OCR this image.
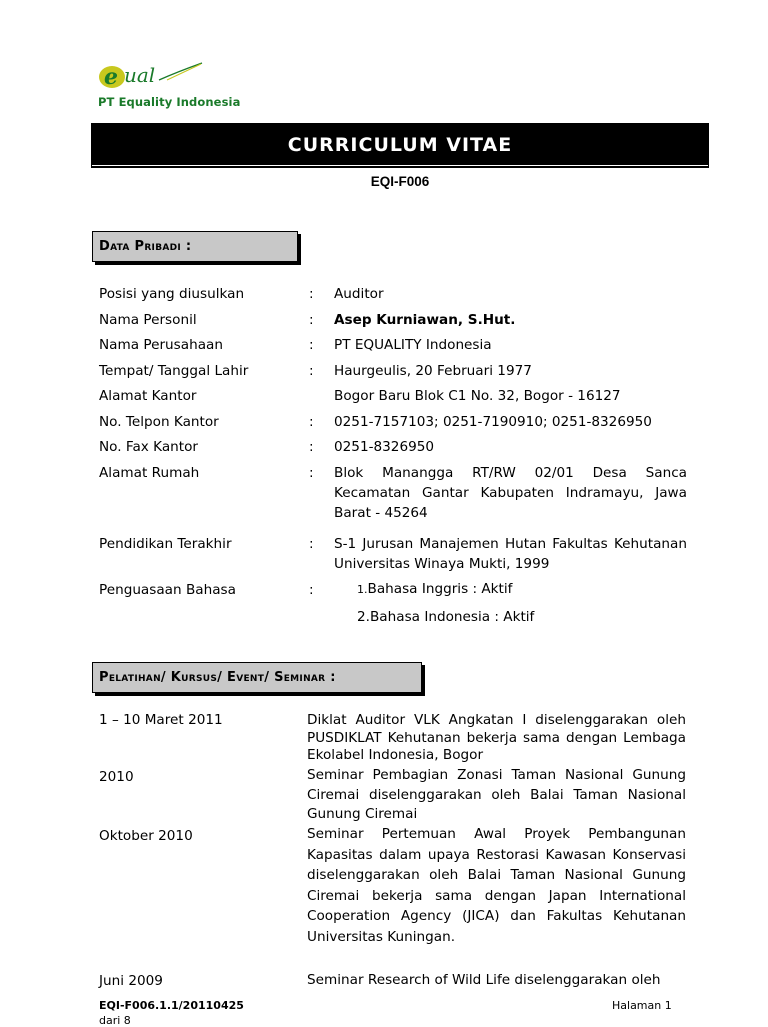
e ual
PT Equality Indonesia
CURRICULUM VITAE
EQI-F006
Data Pribadi :
Posisi yang diusulkan	: Auditor
Nama Personil	: Asep Kurniawan, S.Hut.
Nama Perusahaan	: PT EQUALITY Indonesia
Tempat/ Tanggal Lahir	: Haurgeulis, 20 Februari 1977
Alamat Kantor	Bogor Baru Blok C1 No. 32, Bogor - 16127
No. Telpon Kantor	: 0251-7157103; 0251-7190910; 0251-8326950
No. Fax Kantor	: 0251-8326950
Alamat Rumah	: Blok Manangga RT/RW 02/01 Desa Sanca Kecamatan Gantar Kabupaten Indramayu, Jawa Barat - 45264
Pendidikan Terakhir	: S-1 Jurusan Manajemen Hutan Fakultas Kehutanan Universitas Winaya Mukti, 1999
Penguasaan Bahasa	:	1.Bahasa Inggris : Aktif
2.Bahasa Indonesia : Aktif
Pelatihan/ Kursus/ Event/ Seminar :
1 – 10 Maret 2011	Diklat Auditor VLK Angkatan I diselenggarakan oleh PUSDIKLAT Kehutanan bekerja sama dengan Lembaga Ekolabel Indonesia, Bogor
2010	Seminar Pembagian Zonasi Taman Nasional Gunung Ciremai diselenggarakan oleh Balai Taman Nasional Gunung Ciremai
Oktober 2010	Seminar Pertemuan Awal Proyek Pembangunan Kapasitas dalam upaya Restorasi Kawasan Konservasi diselenggarakan oleh Balai Taman Nasional Gunung Ciremai bekerja sama dengan Japan International Cooperation Agency (JICA) dan Fakultas Kehutanan Universitas Kuningan.
Juni 2009	Seminar Research of Wild Life diselenggarakan oleh
EQI-F006.1.1/20110425
dari 8
Halaman 1
